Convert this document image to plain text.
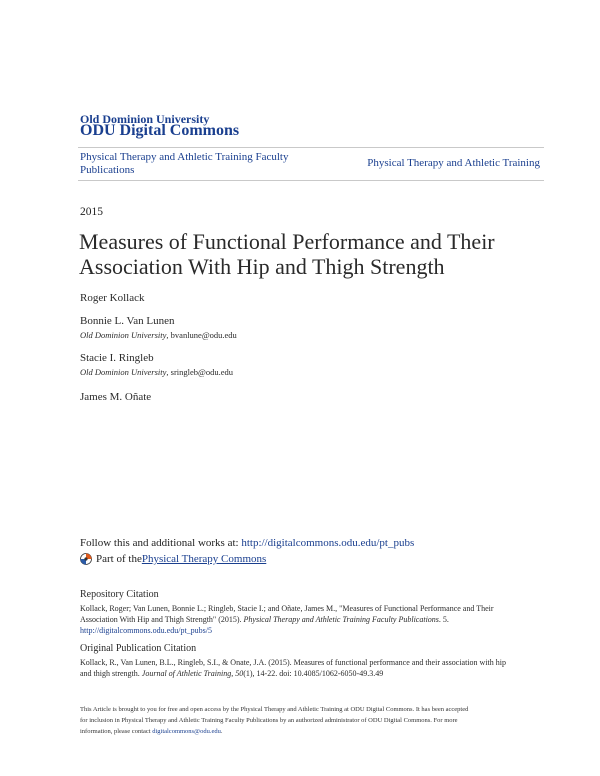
Old Dominion University
ODU Digital Commons
Physical Therapy and Athletic Training Faculty
Publications
Physical Therapy and Athletic Training
2015
Measures of Functional Performance and Their
Association With Hip and Thigh Strength
Roger Kollack
Bonnie L. Van Lunen
Old Dominion University, bvanlune@odu.edu
Stacie I. Ringleb
Old Dominion University, sringleb@odu.edu
James M. Oñate
Follow this and additional works at: http://digitalcommons.odu.edu/pt_pubs
Part of the Physical Therapy Commons
Repository Citation
Kollack, Roger; Van Lunen, Bonnie L.; Ringleb, Stacie I.; and Oñate, James M., "Measures of Functional Performance and Their
Association With Hip and Thigh Strength" (2015). Physical Therapy and Athletic Training Faculty Publications. 5.
http://digitalcommons.odu.edu/pt_pubs/5
Original Publication Citation
Kollack, R., Van Lunen, B.L., Ringleb, S.I., & Onate, J.A. (2015). Measures of functional performance and their association with hip
and thigh strength. Journal of Athletic Training, 50(1), 14-22. doi: 10.4085/1062-6050-49.3.49
This Article is brought to you for free and open access by the Physical Therapy and Athletic Training at ODU Digital Commons. It has been accepted
for inclusion in Physical Therapy and Athletic Training Faculty Publications by an authorized administrator of ODU Digital Commons. For more
information, please contact digitalcommons@odu.edu.
